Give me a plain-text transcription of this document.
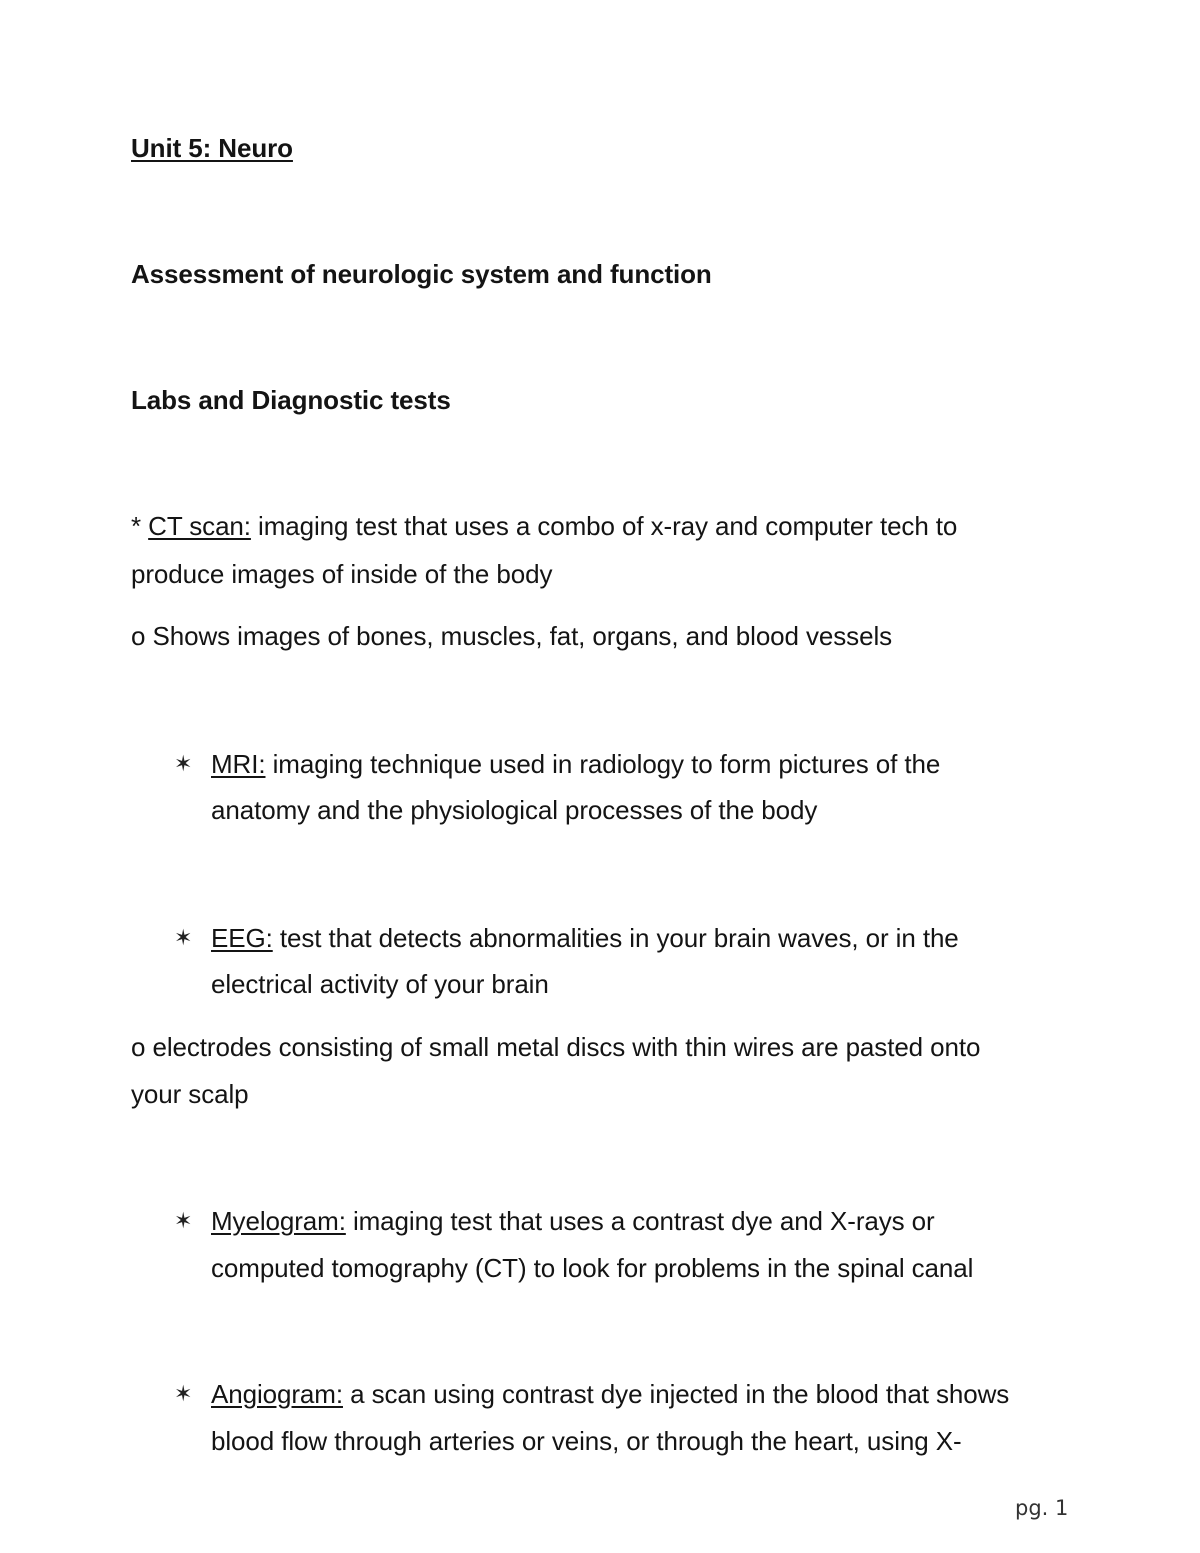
Unit 5: Neuro
Assessment of neurologic system and function
Labs and Diagnostic tests
* CT scan: imaging test that uses a combo of x-ray and computer tech to
produce images of inside of the body
o Shows images of bones, muscles, fat, organs, and blood vessels
✶ MRI: imaging technique used in radiology to form pictures of the
anatomy and the physiological processes of the body
✶ EEG: test that detects abnormalities in your brain waves, or in the
electrical activity of your brain
o electrodes consisting of small metal discs with thin wires are pasted onto
your scalp
✶ Myelogram: imaging test that uses a contrast dye and X-rays or
computed tomography (CT) to look for problems in the spinal canal
✶ Angiogram: a scan using contrast dye injected in the blood that shows
blood flow through arteries or veins, or through the heart, using X-
pg. 1
